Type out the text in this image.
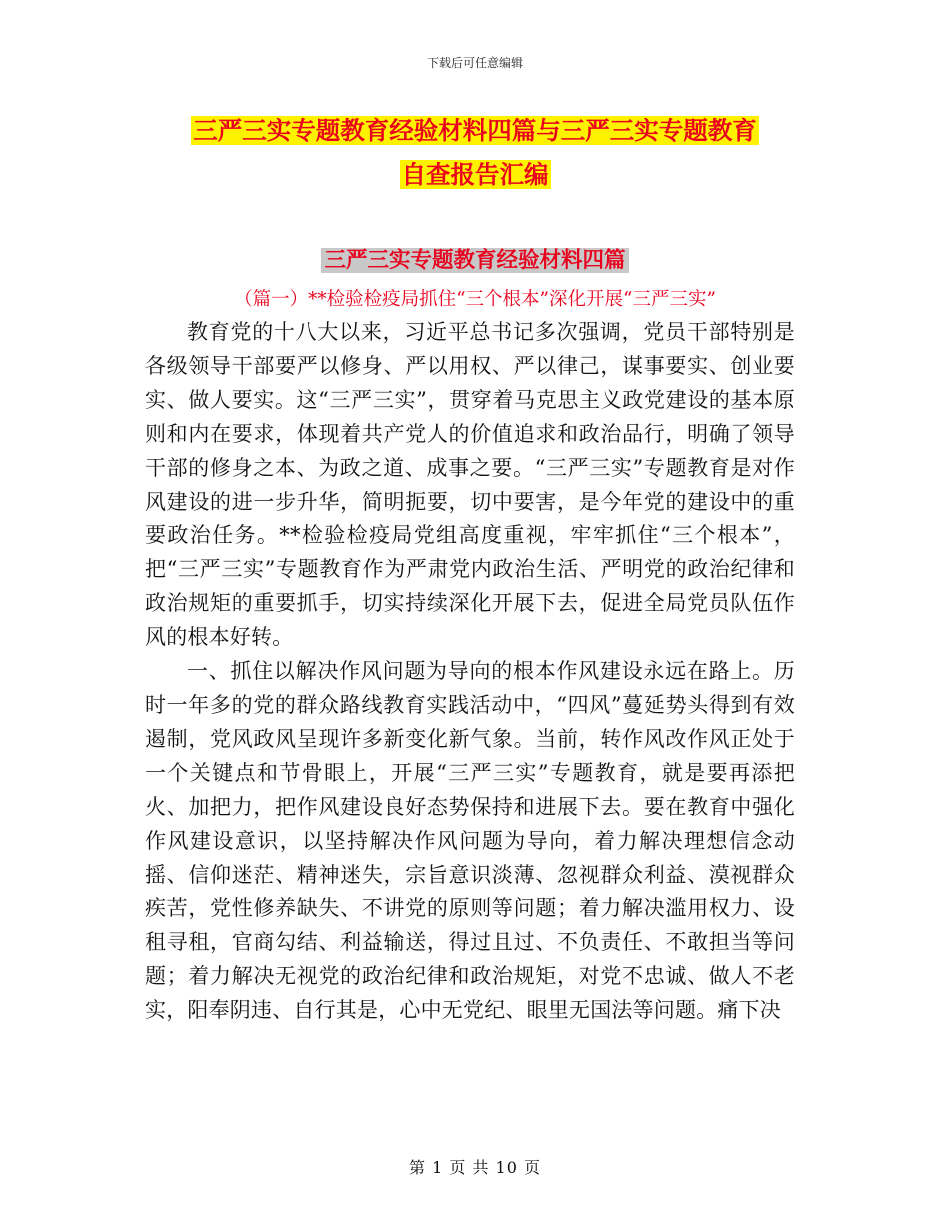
下载后可任意编辑
三严三实专题教育经验材料四篇与三严三实专题教育
自查报告汇编
三严三实专题教育经验材料四篇
（篇一）**检验检疫局抓住“三个根本”深化开展“三严三实”

教育党的十八大以来，习近平总书记多次强调，党员干部特别是各级领导干部要严以修身、严以用权、严以律己，谋事要实、创业要实、做人要实。这“三严三实”，贯穿着马克思主义政党建设的基本原则和内在要求，体现着共产党人的价值追求和政治品行，明确了领导干部的修身之本、为政之道、成事之要。“三严三实”专题教育是对作风建设的进一步升华，简明扼要，切中要害，是今年党的建设中的重要政治任务。**检验检疫局党组高度重视，牢牢抓住“三个根本”，把“三严三实”专题教育作为严肃党内政治生活、严明党的政治纪律和政治规矩的重要抓手，切实持续深化开展下去，促进全局党员队伍作风的根本好转。

一、抓住以解决作风问题为导向的根本作风建设永远在路上。历时一年多的党的群众路线教育实践活动中，“四风”蔓延势头得到有效遏制，党风政风呈现许多新变化新气象。当前，转作风改作风正处于一个关键点和节骨眼上，开展“三严三实”专题教育，就是要再添把火、加把力，把作风建设良好态势保持和进展下去。要在教育中强化作风建设意识，以坚持解决作风问题为导向，着力解决理想信念动摇、信仰迷茫、精神迷失，宗旨意识淡薄、忽视群众利益、漠视群众疾苦，党性修养缺失、不讲党的原则等问题；着力解决滥用权力、设租寻租，官商勾结、利益输送，得过且过、不负责任、不敢担当等问题；着力解决无视党的政治纪律和政治规矩，对党不忠诚、做人不老实，阳奉阴违、自行其是，心中无党纪、眼里无国法等问题。痛下决

第 1 页 共 10 页
